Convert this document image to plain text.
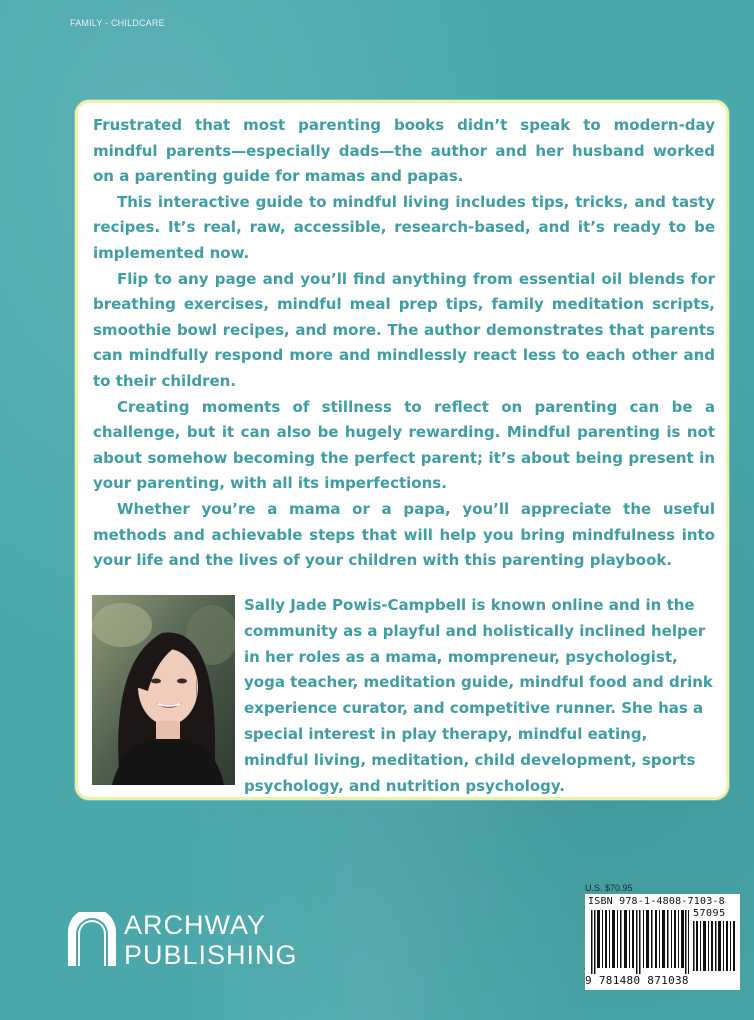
FAMILY - CHILDCARE

Frustrated that most parenting books didn’t speak to modern-day mindful parents—especially dads—the author and her husband worked on a parenting guide for mamas and papas.

This interactive guide to mindful living includes tips, tricks, and tasty recipes. It’s real, raw, accessible, research-based, and it’s ready to be implemented now.

Flip to any page and you’ll find anything from essential oil blends for breathing exercises, mindful meal prep tips, family meditation scripts, smoothie bowl recipes, and more. The author demonstrates that parents can mindfully respond more and mindlessly react less to each other and to their children.

Creating moments of stillness to reflect on parenting can be a challenge, but it can also be hugely rewarding. Mindful parenting is not about somehow becoming the perfect parent; it’s about being present in your parenting, with all its imperfections.

Whether you’re a mama or a papa, you’ll appreciate the useful methods and achievable steps that will help you bring mindfulness into your life and the lives of your children with this parenting playbook.

Sally Jade Powis-Campbell is known online and in the community as a playful and holistically inclined helper in her roles as a mama, mompreneur, psychologist, yoga teacher, meditation guide, mindful food and drink experience curator, and competitive runner. She has a special interest in play therapy, mindful eating, mindful living, meditation, child development, sports psychology, and nutrition psychology.

ARCHWAY
PUBLISHING
U.S. $70.95
ISBN 978-1-4808-7103-8
57095
9 781480 871038
